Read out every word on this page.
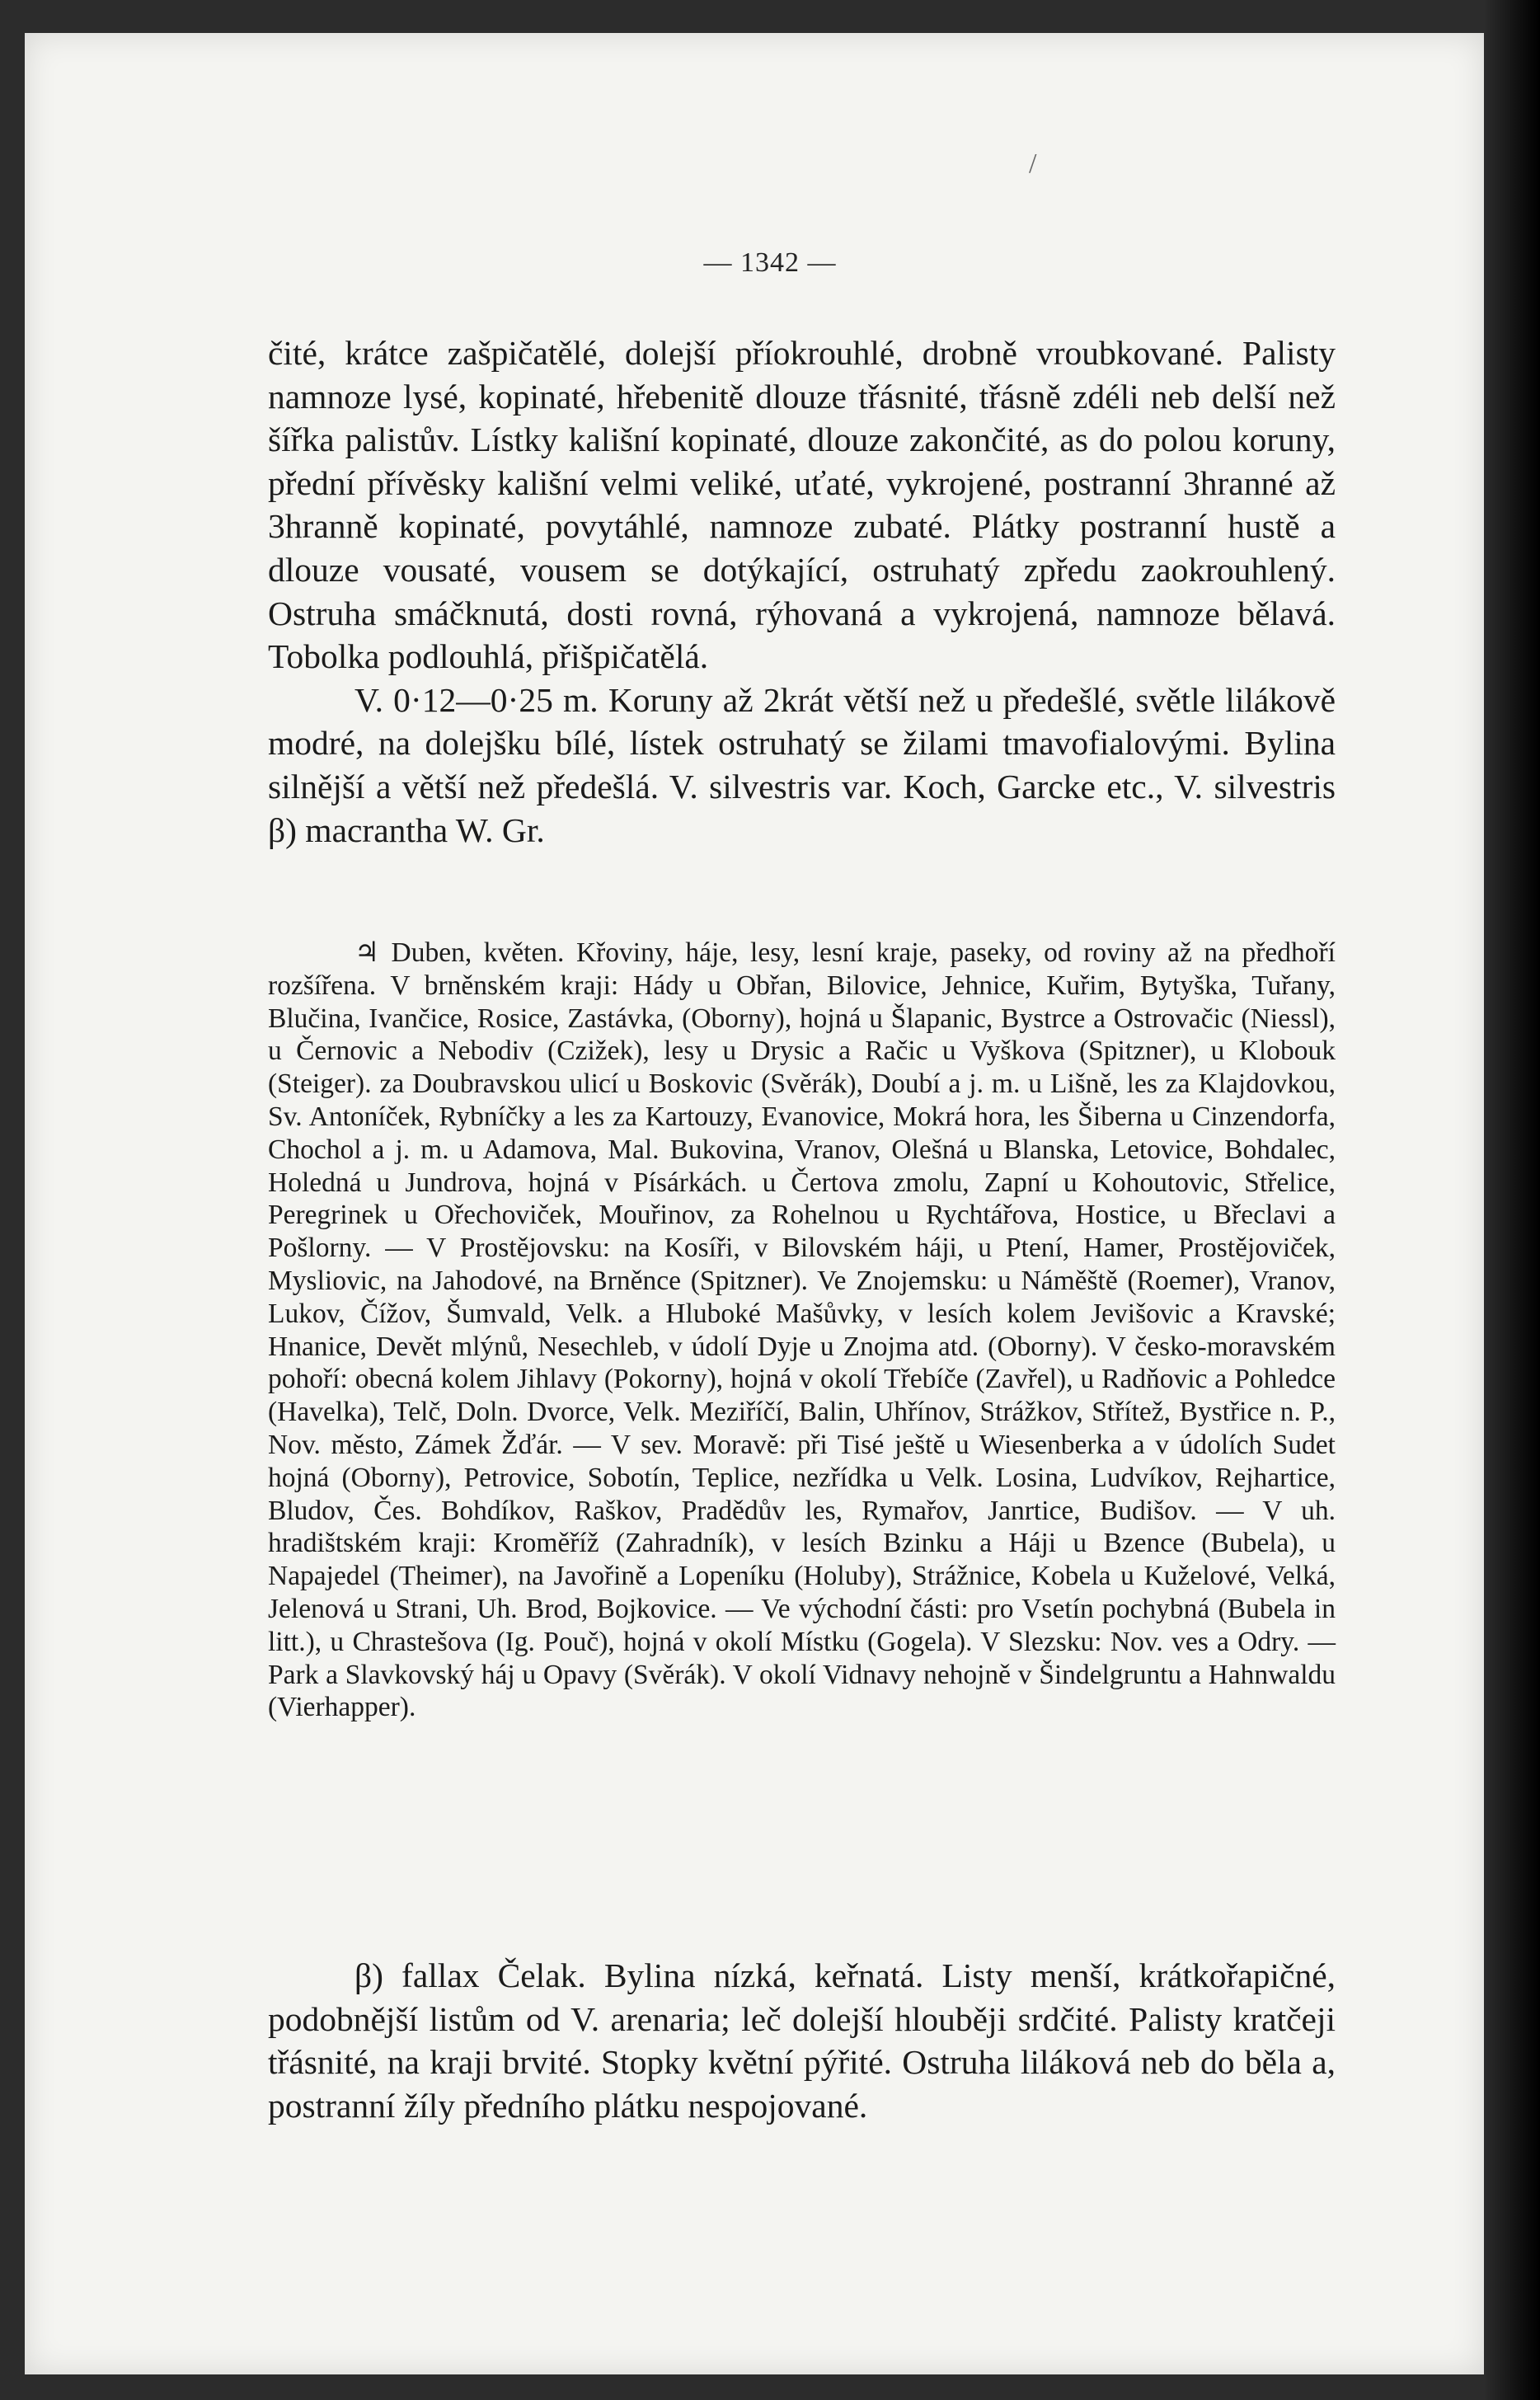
/
— 1342 —

čité, krátce zašpičatělé, dolejší příokrouhlé, drobně vroubkované. Palisty namnoze lysé, kopinaté, hřebenitě dlouze třásnité, třásně zdéli neb delší než šířka palistův. Lístky kališní kopinaté, dlouze zakončité, as do polou koruny, přední přívěsky kališní velmi veliké, uťaté, vykrojené, postranní 3hranné až 3hranně kopinaté, povytáhlé, namnoze zubaté. Plátky postranní hustě a dlouze vousaté, vousem se dotýkající, ostruhatý zpředu zaokrouhlený. Ostruha smáčknutá, dosti rovná, rýhovaná a vykrojená, namnoze bělavá. Tobolka podlouhlá, přišpičatělá.

V. 0·12—0·25 m. Koruny až 2krát větší než u předešlé, světle lilákově modré, na dolejšku bílé, lístek ostruhatý se žilami tmavofialovými. Bylina silnější a větší než předešlá. V. silvestris var. Koch, Garcke etc., V. silvestris β) macrantha W. Gr.

♃ Duben, květen. Křoviny, háje, lesy, lesní kraje, paseky, od roviny až na předhoří rozšířena. V brněnském kraji: Hády u Obřan, Bilovice, Jehnice, Kuřim, Bytyška, Tuřany, Blučina, Ivančice, Rosice, Zastávka, (Oborny), hojná u Šlapanic, Bystrce a Ostrovačic (Niessl), u Černovic a Nebodiv (Czižek), lesy u Drysic a Račic u Vyškova (Spitzner), u Klobouk (Steiger). za Doubravskou ulicí u Boskovic (Svěrák), Doubí a j. m. u Lišně, les za Klajdovkou, Sv. Antoníček, Rybníčky a les za Kartouzy, Evanovice, Mokrá hora, les Šiberna u Cinzendorfa, Chochol a j. m. u Adamova, Mal. Bukovina, Vranov, Olešná u Blanska, Letovice, Bohdalec, Holedná u Jundrova, hojná v Písárkách. u Čertova zmolu, Zapní u Kohoutovic, Střelice, Peregrinek u Ořechoviček, Mouřinov, za Rohelnou u Rychtářova, Hostice, u Břeclavi a Pošlorny. — V Prostějovsku: na Kosíři, v Bilovském háji, u Ptení, Hamer, Prostějoviček, Mysliovic, na Jahodové, na Brněnce (Spitzner). Ve Znojemsku: u Náměště (Roemer), Vranov, Lukov, Čížov, Šumvald, Velk. a Hluboké Mašůvky, v lesích kolem Jevišovic a Kravské; Hnanice, Devět mlýnů, Nesechleb, v údolí Dyje u Znojma atd. (Oborny). V česko-moravském pohoří: obecná kolem Jihlavy (Pokorny), hojná v okolí Třebíče (Zavřel), u Radňovic a Pohledce (Havelka), Telč, Doln. Dvorce, Velk. Meziříčí, Balin, Uhřínov, Strážkov, Střítež, Bystřice n. P., Nov. město, Zámek Žďár. — V sev. Moravě: při Tisé ještě u Wiesenberka a v údolích Sudet hojná (Oborny), Petrovice, Sobotín, Teplice, nezřídka u Velk. Losina, Ludvíkov, Rejhartice, Bludov, Čes. Bohdíkov, Raškov, Pradědův les, Rymařov, Janrtice, Budišov. — V uh. hradištském kraji: Kroměříž (Zahradník), v lesích Bzinku a Háji u Bzence (Bubela), u Napajedel (Theimer), na Javořině a Lopeníku (Holuby), Strážnice, Kobela u Kuželové, Velká, Jelenová u Strani, Uh. Brod, Bojkovice. — Ve východní části: pro Vsetín pochybná (Bubela in litt.), u Chrastešova (Ig. Pouč), hojná v okolí Místku (Gogela). V Slezsku: Nov. ves a Odry. — Park a Slavkovský háj u Opavy (Svěrák). V okolí Vidnavy nehojně v Šindelgruntu a Hahnwaldu (Vierhapper).

β) fallax Čelak. Bylina nízká, keřnatá. Listy menší, krátkořapičné, podobnější listům od V. arenaria; leč dolejší hlouběji srdčité. Palisty kratčeji třásnité, na kraji brvité. Stopky květní pýřité. Ostruha liláková neb do běla a, postranní žíly předního plátku nespojované.
